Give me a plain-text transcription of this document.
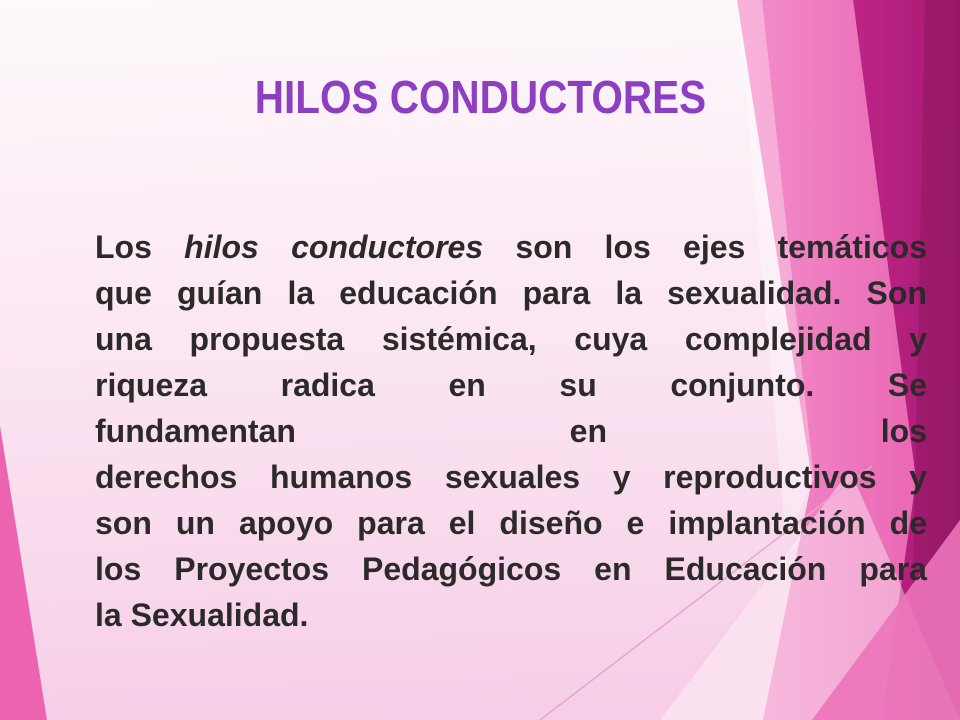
HILOS CONDUCTORES
Los hilos conductores son los ejes temáticos
que guían la educación para la sexualidad. Son
una propuesta sistémica, cuya complejidad y
riqueza radica en su conjunto. Se
fundamentan	en	los
derechos humanos sexuales y reproductivos y
son un apoyo para el diseño e implantación de
los Proyectos Pedagógicos en Educación para
la Sexualidad.
